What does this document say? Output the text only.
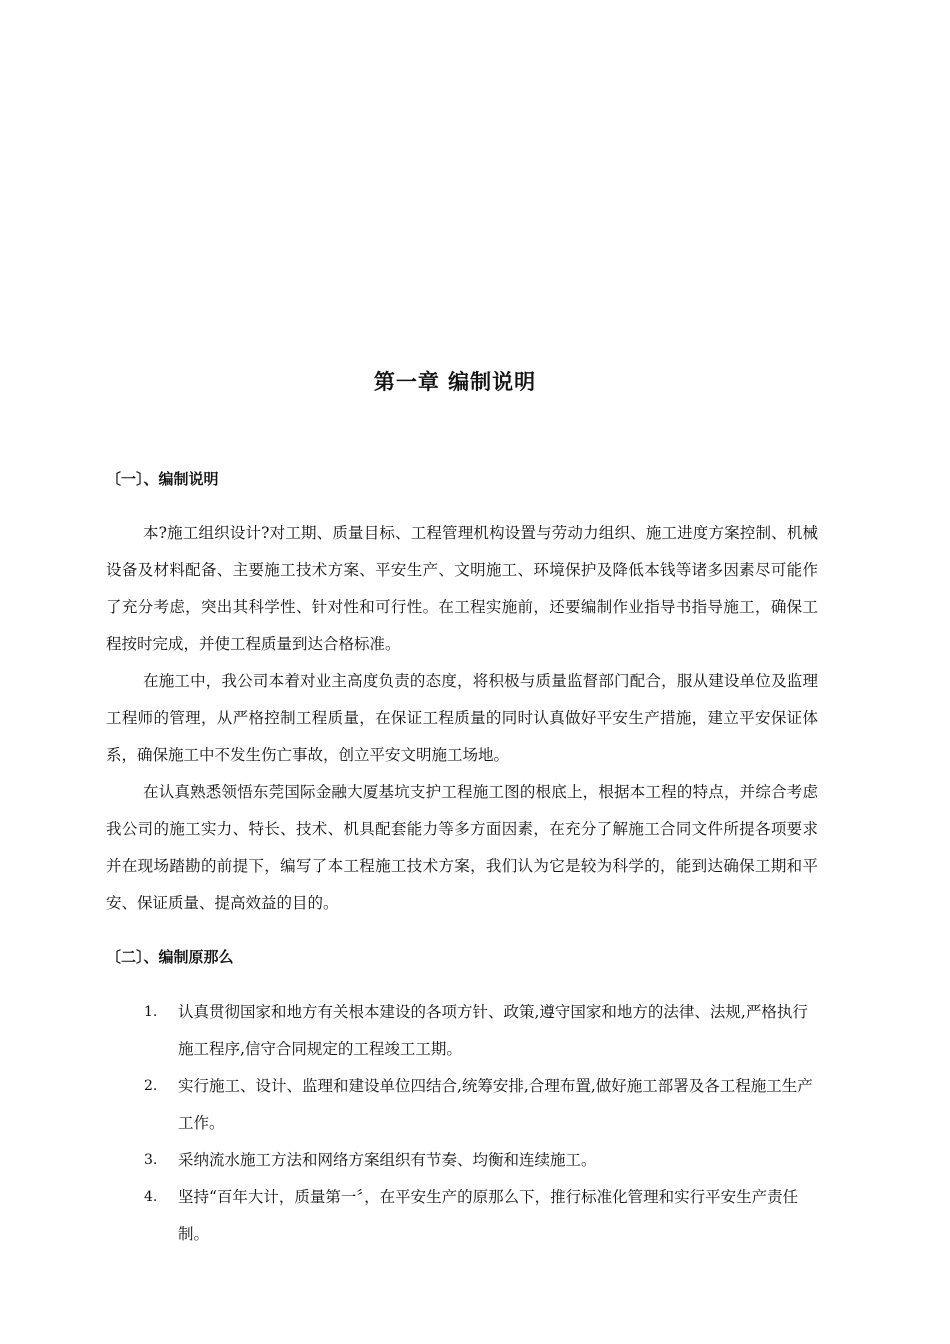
第一章 编制说明
〔一〕、编制说明

本?施工组织设计?对工期、质量目标、工程管理机构设置与劳动力组织、施工进度方案控制、机械设备及材料配备、主要施工技术方案、平安生产、文明施工、环境保护及降低本钱等诸多因素尽可能作了充分考虑，突出其科学性、针对性和可行性。在工程实施前，还要编制作业指导书指导施工，确保工程按时完成，并使工程质量到达合格标准。

在施工中，我公司本着对业主高度负责的态度，将积极与质量监督部门配合，服从建设单位及监理工程师的管理，从严格控制工程质量，在保证工程质量的同时认真做好平安生产措施，建立平安保证体系，确保施工中不发生伤亡事故，创立平安文明施工场地。

在认真熟悉领悟东莞国际金融大厦基坑支护工程施工图的根底上，根据本工程的特点，并综合考虑我公司的施工实力、特长、技术、机具配套能力等多方面因素，在充分了解施工合同文件所提各项要求并在现场踏勘的前提下，编写了本工程施工技术方案，我们认为它是较为科学的，能到达确保工期和平安、保证质量、提高效益的目的。

〔二〕、编制原那么
1. 认真贯彻国家和地方有关根本建设的各项方针、政策,遵守国家和地方的法律、法规,严格执行施工程序,信守合同规定的工程竣工工期。
2. 实行施工、设计、监理和建设单位四结合,统筹安排,合理布置,做好施工部署及各工程施工生产工作。
3. 采纳流水施工方法和网络方案组织有节奏、均衡和连续施工。
4. 坚持“百年大计，质量第一〞，在平安生产的原那么下，推行标准化管理和实行平安生产责任制。
